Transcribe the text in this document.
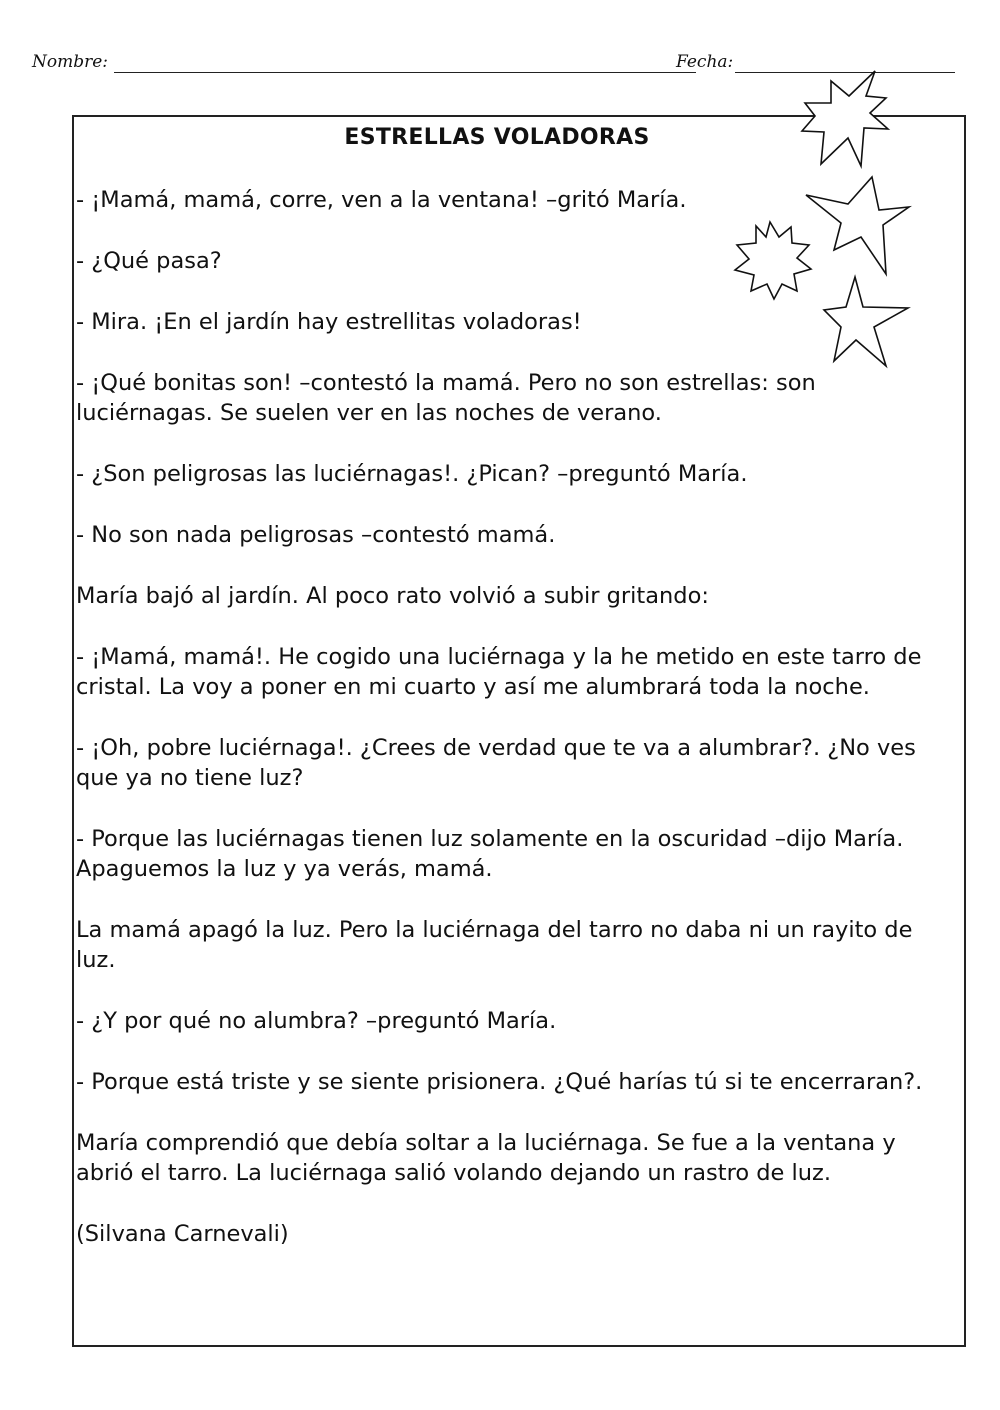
Nombre:	Fecha:
ESTRELLAS VOLADORAS

- ¡Mamá, mamá, corre, ven a la ventana! –gritó María.

- ¿Qué pasa?

- Mira. ¡En el jardín hay estrellitas voladoras!

- ¡Qué bonitas son! –contestó la mamá. Pero no son estrellas: son luciérnagas. Se suelen ver en las noches de verano.

- ¿Son peligrosas las luciérnagas!. ¿Pican? –preguntó María.

- No son nada peligrosas –contestó mamá.

María bajó al jardín. Al poco rato volvió a subir gritando:

- ¡Mamá, mamá!. He cogido una luciérnaga y la he metido en este tarro de cristal. La voy a poner en mi cuarto y así me alumbrará toda la noche.

- ¡Oh, pobre luciérnaga!. ¿Crees de verdad que te va a alumbrar?. ¿No ves que ya no tiene luz?

- Porque las luciérnagas tienen luz solamente en la oscuridad –dijo María. Apaguemos la luz y ya verás, mamá.

La mamá apagó la luz. Pero la luciérnaga del tarro no daba ni un rayito de luz.

- ¿Y por qué no alumbra? –preguntó María.

- Porque está triste y se siente prisionera. ¿Qué harías tú si te encerraran?.

María comprendió que debía soltar a la luciérnaga. Se fue a la ventana y abrió el tarro. La luciérnaga salió volando dejando un rastro de luz.

(Silvana Carnevali)
